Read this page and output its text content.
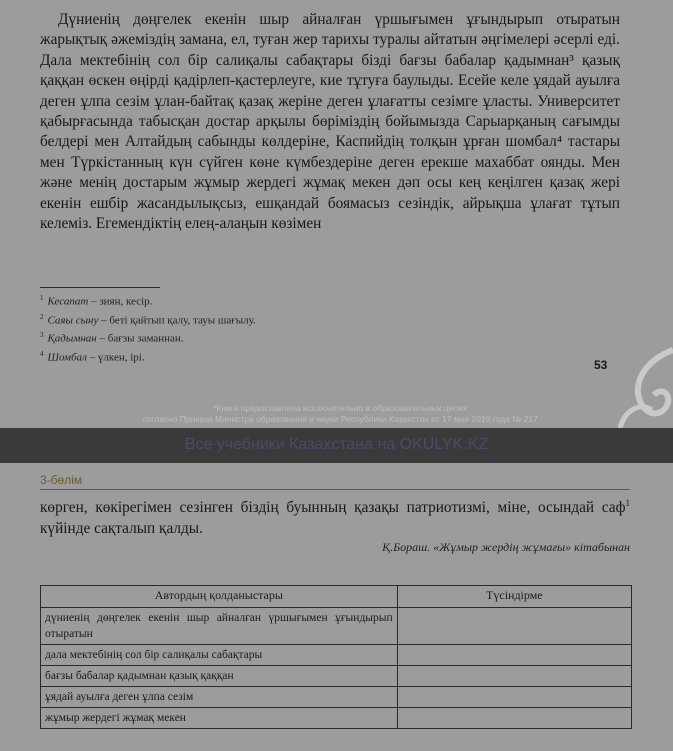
Дүниенің дөңгелек екенін шыр айналған үршығымен ұғындырып отыратын жарықтық әжемiздiң замана, ел, туған жер тарихы туралы айтатын әңгімелері әсерлі еді. Дала мектебінің сол бір салиқалы сабақтары бізді бағзы бабалар қадымнан³ қазық қаққан өскен өңірді қадірлеп-қастерлеуге, кие тұтуға баулыды. Есейе келе ұядай ауылға деген ұлпа сезім ұлан-байтақ қазақ жеріне деген ұлағатты сезімге ұласты. Университет қабырғасында табысқан достар арқылы бөрімiздiң бойымызда Сарыарқаның сағымды белдері мен Алтайдың сабынды көлдеріне, Каспийдің толқын ұрған шомбал⁴ тастары мен Түркістанның күн сүйген көне күмбездеріне деген ерекше махаббат оянды. Мен және менің достарым жұмыр жердегі жұмақ мекен дәп осы кең кеңілген қазақ жері екенін ешбір жасандылықсыз, ешқандай боямасыз сезіндік, айрықша ұлағат тұтып келеміз. Егемендіктің елең-алаңын көзімен

$^1$ Кесапат – зиян, кесір.
$^2$ Саяы сыну – беті қайтып қалу, тауы шағылу.
$^3$ Қадымнан – бағзы заманнан.
$^4$ Шомбал – үлкен, ірі.
53
*Книга предоставлена исключительно в образовательных целях
согласно Приказа Министра образования и науки Республики Казахстан от 17 мая 2019 года № 217
Все учебники Казахстана на OKULYK.KZ
3-бөлім
көрген, көкірегімен сезінген біздің буынның қазақы патриотизмі, міне, осындай саф$^1$ күйінде сақталып қалды.
Қ.Бораш. «Жұмыр жердің жұмағы» кітабынан
Автордың қолданыстары	Түсіндірме
дүниенің дөңгелек екенін шыр айналған үршығымен ұғындырып отыратын	
дала мектебінің сол бір салиқалы сабақтары	
бағзы бабалар қадымнан қазық қаққан	
ұядай ауылға деген ұлпа сезім	
жұмыр жердегі жұмақ мекен	
